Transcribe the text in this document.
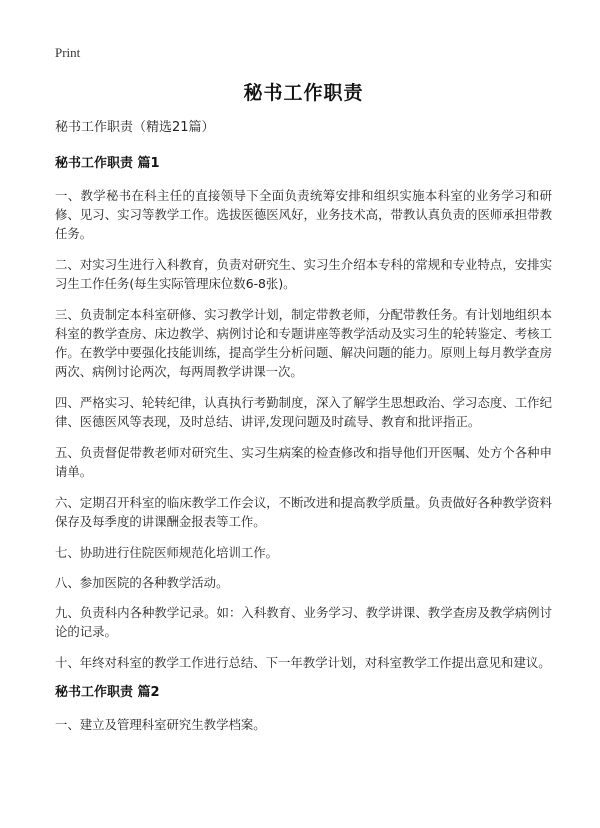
Print
秘书工作职责
秘书工作职责（精选21篇）
秘书工作职责 篇1

一、教学秘书在科主任的直接领导下全面负责统筹安排和组织实施本科室的业务学习和研修、见习、实习等教学工作。选拔医德医风好，业务技术高，带教认真负责的医师承担带教任务。

二、对实习生进行入科教育，负责对研究生、实习生介绍本专科的常规和专业特点，安排实习生工作任务(每生实际管理床位数6-8张)。

三、负责制定本科室研修、实习教学计划，制定带教老师，分配带教任务。有计划地组织本科室的教学查房、床边教学、病例讨论和专题讲座等教学活动及实习生的轮转鉴定、考核工作。在教学中要强化技能训练，提高学生分析问题、解决问题的能力。原则上每月教学查房两次、病例讨论两次，每两周教学讲课一次。

四、严格实习、轮转纪律，认真执行考勤制度，深入了解学生思想政治、学习态度、工作纪律、医德医风等表现，及时总结、讲评,发现问题及时疏导、教育和批评指正。

五、负责督促带教老师对研究生、实习生病案的检查修改和指导他们开医嘱、处方个各种申请单。

六、定期召开科室的临床教学工作会议，不断改进和提高教学质量。负责做好各种教学资料保存及每季度的讲课酬金报表等工作。

七、协助进行住院医师规范化培训工作。

八、参加医院的各种教学活动。

九、负责科内各种教学记录。如：入科教育、业务学习、教学讲课、教学查房及教学病例讨论的记录。

十、年终对科室的教学工作进行总结、下一年教学计划，对科室教学工作提出意见和建议。

秘书工作职责 篇2

一、建立及管理科室研究生教学档案。
